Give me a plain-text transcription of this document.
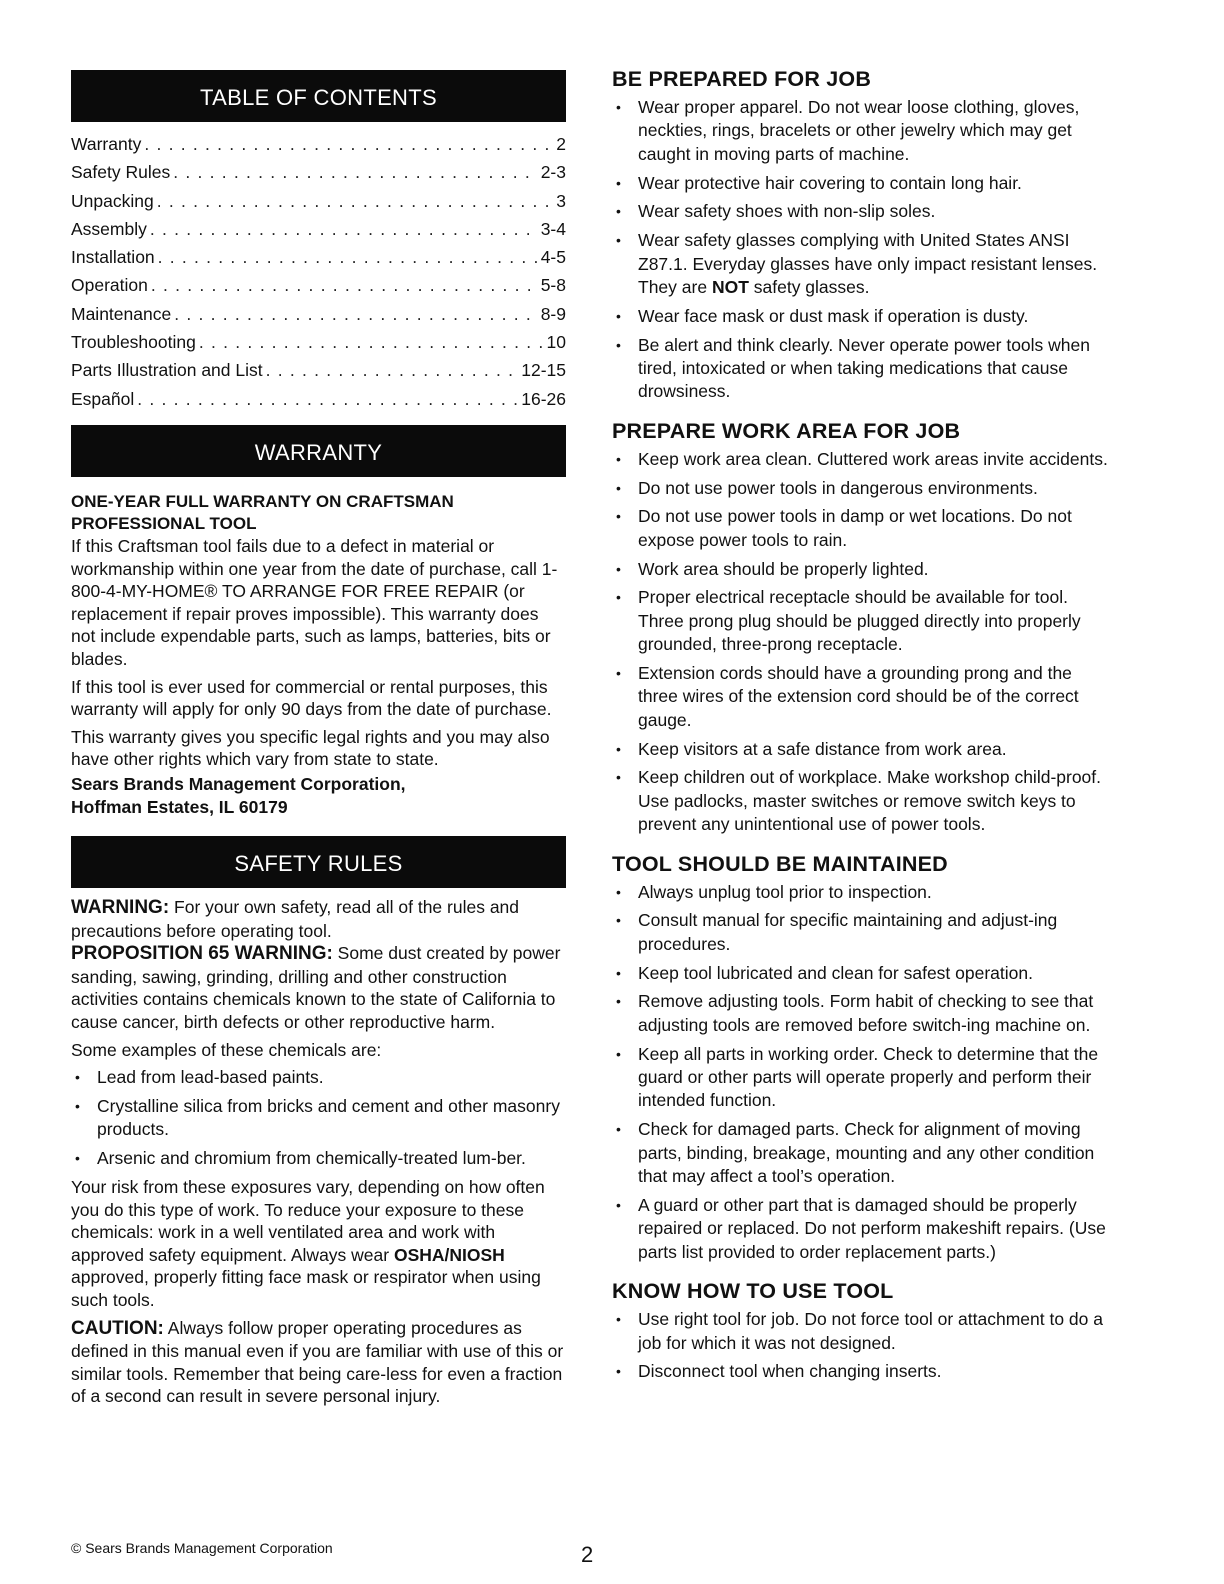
TABLE OF CONTENTS
Warranty . . .	2
Safety Rules . . .	2-3
Unpacking . . .	3
Assembly . . .	3-4
Installation . . .	4-5
Operation . . .	5-8
Maintenance . . .	8-9
Troubleshooting . . .	10
Parts Illustration and List . . .	12-15
Español . . .	16-26
WARRANTY

ONE-YEAR FULL WARRANTY ON CRAFTSMAN PROFESSIONAL TOOL

If this Craftsman tool fails due to a defect in material or workmanship within one year from the date of purchase, call 1-800-4-MY-HOME® TO ARRANGE FOR FREE REPAIR (or replacement if repair proves impossible). This warranty does not include expendable parts, such as lamps, batteries, bits or blades.

If this tool is ever used for commercial or rental purposes, this warranty will apply for only 90 days from the date of purchase.

This warranty gives you specific legal rights and you may also have other rights which vary from state to state.

Sears Brands Management Corporation,

Hoffman Estates, IL 60179

SAFETY RULES

WARNING: For your own safety, read all of the rules and precautions before operating tool.

PROPOSITION 65 WARNING: Some dust created by power sanding, sawing, grinding, drilling and other construction activities contains chemicals known to the state of California to cause cancer, birth defects or other reproductive harm.

Some examples of these chemicals are:

• Lead from lead-based paints.
• Crystalline silica from bricks and cement and other masonry products.
• Arsenic and chromium from chemically-treated lum-ber.

Your risk from these exposures vary, depending on how often you do this type of work. To reduce your exposure to these chemicals: work in a well ventilated area and work with approved safety equipment. Always wear OSHA/NIOSH approved, properly fitting face mask or respirator when using such tools.

CAUTION: Always follow proper operating procedures as defined in this manual even if you are familiar with use of this or similar tools. Remember that being care-less for even a fraction of a second can result in severe personal injury.

BE PREPARED FOR JOB
• Wear proper apparel. Do not wear loose clothing, gloves, neckties, rings, bracelets or other jewelry which may get caught in moving parts of machine.
• Wear protective hair covering to contain long hair.
• Wear safety shoes with non-slip soles.
• Wear safety glasses complying with United States ANSI Z87.1. Everyday glasses have only impact resistant lenses. They are NOT safety glasses.
• Wear face mask or dust mask if operation is dusty.
• Be alert and think clearly. Never operate power tools when tired, intoxicated or when taking medications that cause drowsiness.
PREPARE WORK AREA FOR JOB
• Keep work area clean. Cluttered work areas invite accidents.
• Do not use power tools in dangerous environments.
• Do not use power tools in damp or wet locations. Do not expose power tools to rain.
• Work area should be properly lighted.
• Proper electrical receptacle should be available for tool. Three prong plug should be plugged directly into properly grounded, three-prong receptacle.
• Extension cords should have a grounding prong and the three wires of the extension cord should be of the correct gauge.
• Keep visitors at a safe distance from work area.
• Keep children out of workplace. Make workshop child-proof. Use padlocks, master switches or remove switch keys to prevent any unintentional use of power tools.
TOOL SHOULD BE MAINTAINED
• Always unplug tool prior to inspection.
• Consult manual for specific maintaining and adjust-ing procedures.
• Keep tool lubricated and clean for safest operation.
• Remove adjusting tools. Form habit of checking to see that adjusting tools are removed before switch-ing machine on.
• Keep all parts in working order. Check to determine that the guard or other parts will operate properly and perform their intended function.
• Check for damaged parts. Check for alignment of moving parts, binding, breakage, mounting and any other condition that may affect a tool’s operation.
• A guard or other part that is damaged should be properly repaired or replaced. Do not perform makeshift repairs. (Use parts list provided to order replacement parts.)
KNOW HOW TO USE TOOL
• Use right tool for job. Do not force tool or attachment to do a job for which it was not designed.
• Disconnect tool when changing inserts.
© Sears Brands Management Corporation	2
